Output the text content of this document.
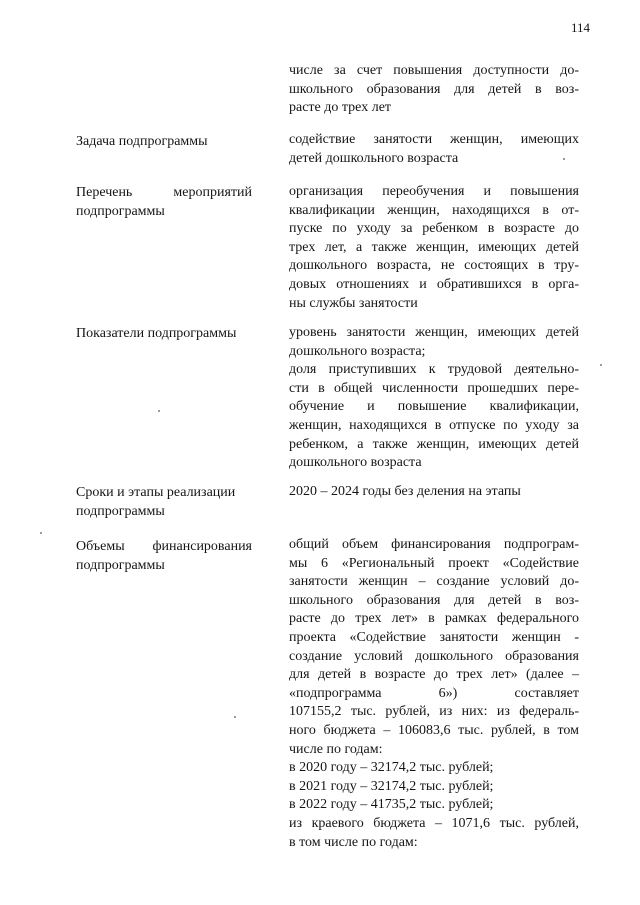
114
числе за счет повышения доступности до-
школьного образования для детей в воз-
расте до трех лет
Задача подпрограммы	содействие занятости женщин, имеющих
детей дошкольного возраста
Перечень мероприятий
подпрограммы
организация переобучения и повышения
квалификации женщин, находящихся в от-
пуске по уходу за ребенком в возрасте до
трех лет, а также женщин, имеющих детей
дошкольного возраста, не состоящих в тру-
довых отношениях и обратившихся в орга-
ны службы занятости
Показатели подпрограммы	уровень занятости женщин, имеющих детей
дошкольного возраста;
доля приступивших к трудовой деятельно-
сти в общей численности прошедших пере-
обучение и повышение квалификации,
женщин, находящихся в отпуске по уходу за
ребенком, а также женщин, имеющих детей
дошкольного возраста
Сроки и этапы реализации
подпрограммы
2020 – 2024 годы без деления на этапы
Объемы финансирования
подпрограммы
общий объем финансирования подпрограм-
мы 6 «Региональный проект «Содействие
занятости женщин – создание условий до-
школьного образования для детей в воз-
расте до трех лет» в рамках федерального
проекта «Содействие занятости женщин -
создание условий дошкольного образования
для детей в возрасте до трех лет» (далее –
«подпрограмма 6») составляет
107155,2 тыс. рублей, из них: из федераль-
ного бюджета – 106083,6 тыс. рублей, в том
числе по годам:
в 2020 году – 32174,2 тыс. рублей;
в 2021 году – 32174,2 тыс. рублей;
в 2022 году – 41735,2 тыс. рублей;
из краевого бюджета – 1071,6 тыс. рублей,
в том числе по годам:
